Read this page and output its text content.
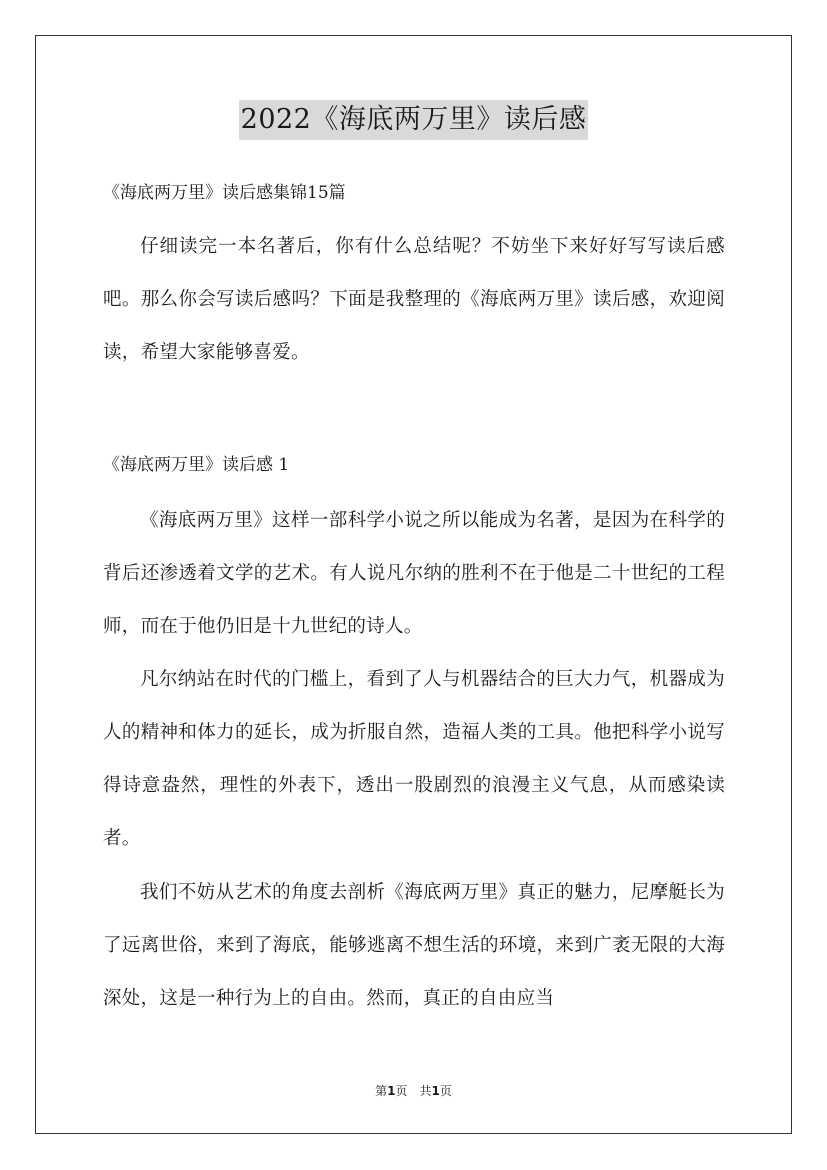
2022《海底两万里》读后感
《海底两万里》读后感集锦15篇

仔细读完一本名著后，你有什么总结呢？不妨坐下来好好写写读后感吧。那么你会写读后感吗？下面是我整理的《海底两万里》读后感，欢迎阅读，希望大家能够喜爱。

《海底两万里》读后感 1

《海底两万里》这样一部科学小说之所以能成为名著，是因为在科学的背后还渗透着文学的艺术。有人说凡尔纳的胜利不在于他是二十世纪的工程师，而在于他仍旧是十九世纪的诗人。

凡尔纳站在时代的门槛上，看到了人与机器结合的巨大力气，机器成为人的精神和体力的延长，成为折服自然，造福人类的工具。他把科学小说写得诗意盎然，理性的外表下，透出一股剧烈的浪漫主义气息，从而感染读者。

我们不妨从艺术的角度去剖析《海底两万里》真正的魅力，尼摩艇长为了远离世俗，来到了海底，能够逃离不想生活的环境，来到广袤无限的大海深处，这是一种行为上的自由。然而，真正的自由应当

第1页　共1页
